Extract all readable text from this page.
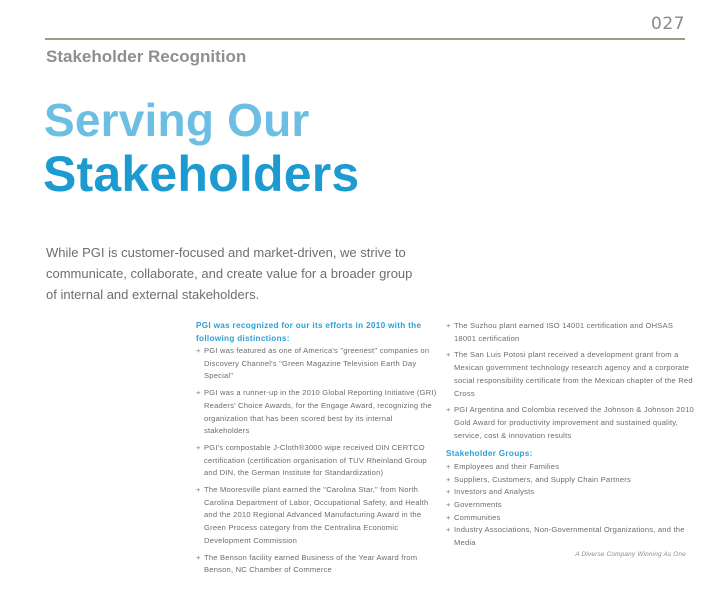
027
Stakeholder Recognition
Serving Our
Stakeholders

While PGI is customer-focused and market-driven, we strive to communicate, collaborate, and create value for a broader group of internal and external stakeholders.

PGI was recognized for our its efforts in 2010 with the following distinctions:

+ PGI was featured as one of America's "greenest" companies on Discovery Channel's "Green Magazine Television Earth Day Special"
+ PGI was a runner-up in the 2010 Global Reporting Initiative (GRI) Readers' Choice Awards, for the Engage Award, recognizing the organization that has been scored best by its internal stakeholders
+ PGI's compostable J-Cloth®3000 wipe received DIN CERTCO certification (certification organisation of TUV Rheinland Group and DIN, the German Institute for Standardization)
+ The Mooresville plant earned the "Carolina Star," from North Carolina Department of Labor, Occupational Safety, and Health and the 2010 Regional Advanced Manufacturing Award in the Green Process category from the Centralina Economic Development Commission
+ The Benson facility earned Business of the Year Award from Benson, NC Chamber of Commerce
+ The Suzhou plant earned ISO 14001 certification and OHSAS 18001 certification
+ The San Luis Potosi plant received a development grant from a Mexican government technology research agency and a corporate social responsibility certificate from the Mexican chapter of the Red Cross
+ PGI Argentina and Colombia received the Johnson & Johnson 2010 Gold Award for productivity improvement and sustained quality, service, cost & innovation results
Stakeholder Groups:
+ Employees and their Families
+ Suppliers, Customers, and Supply Chain Partners
+ Investors and Analysts
+ Governments
+ Communities
+ Industry Associations, Non-Governmental Organizations, and the Media
A Diverse Company Winning As One
